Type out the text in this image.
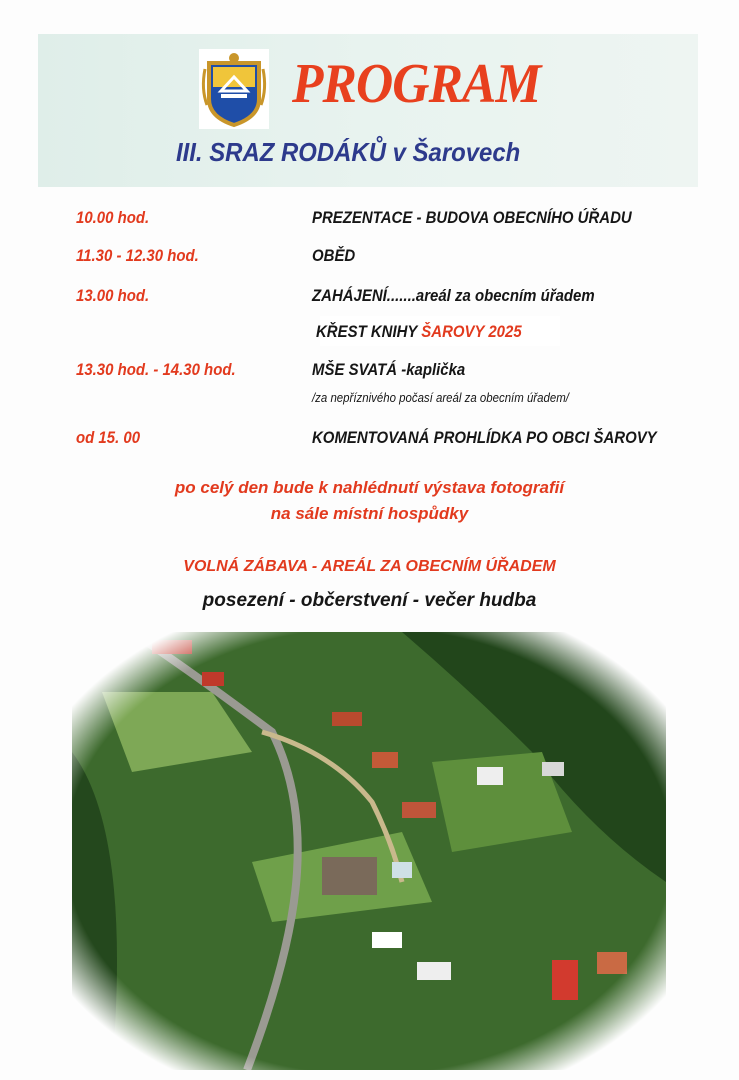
PROGRAM
III. SRAZ RODÁKŮ v Šarovech
10.00 hod.	PREZENTACE - BUDOVA OBECNÍHO ÚŘADU
11.30 - 12.30 hod.	OBĚD
13.00 hod.	ZAHÁJENÍ.......areál za obecním úřadem
KŘEST KNIHY ŠAROVY 2025
13.30 hod. - 14.30 hod.	MŠE SVATÁ -kaplička
/za nepříznivého počasí areál za obecním úřadem/
od 15. 00	KOMENTOVANÁ PROHLÍDKA PO OBCI ŠAROVY
po celý den bude k nahlédnutí výstava fotografií
na sále místní hospůdky
VOLNÁ ZÁBAVA - AREÁL ZA OBECNÍM ÚŘADEM
posezení - občerstvení - večer hudba
